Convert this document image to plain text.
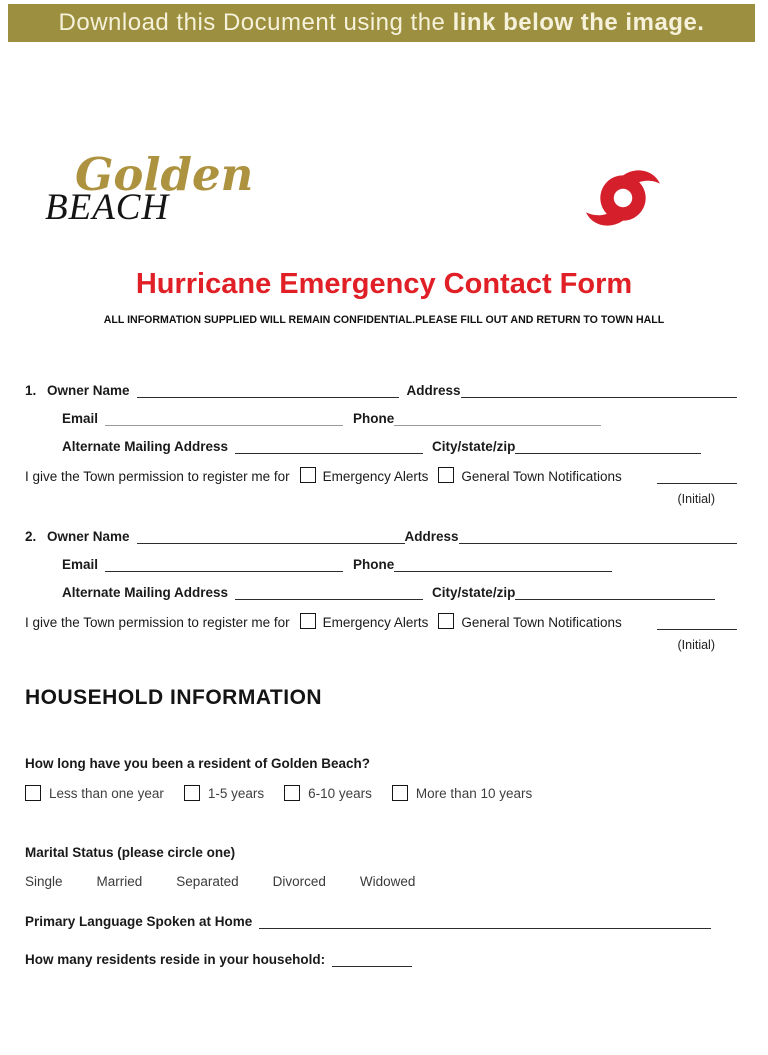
Download this Document using the link below the image.
Golden
BEACH
Hurricane Emergency Contact Form
ALL INFORMATION SUPPLIED WILL REMAIN CONFIDENTIAL.PLEASE FILL OUT AND RETURN TO TOWN HALL
1. Owner Name	Address
Email	Phone
Alternate Mailing Address	City/state/zip
I give the Town permission to register me for Emergency Alerts General Town Notifications
(Initial)
2. Owner Name	Address
Email	Phone
Alternate Mailing Address	City/state/zip
I give the Town permission to register me for Emergency Alerts General Town Notifications
(Initial)
HOUSEHOLD INFORMATION
How long have you been a resident of Golden Beach?
Less than one year	1-5 years	6-10 years	More than 10 years
Marital Status (please circle one)
Single	Married	Separated	Divorced	Widowed
Primary Language Spoken at Home
How many residents reside in your household:
